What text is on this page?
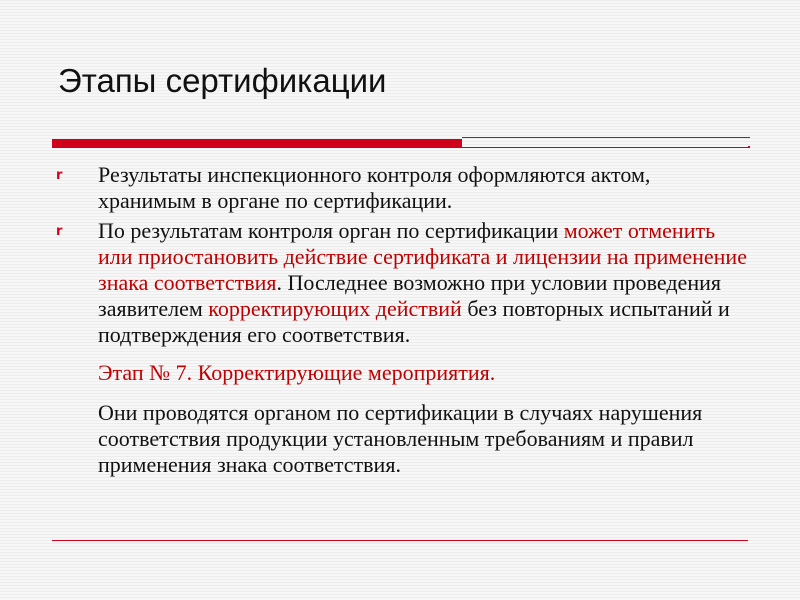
Этапы сертификации

r Результаты инспекционного контроля оформляются актом, хранимым в органе по сертификации.

r По результатам контроля орган по сертификации может отменить или приостановить действие сертификата и лицензии на применение знака соответствия. Последнее возможно при условии проведения заявителем корректирующих действий без повторных испытаний и подтверждения его соответствия.

Этап № 7. Корректирующие мероприятия.

Они проводятся органом по сертификации в случаях нарушения соответствия продукции установленным требованиям и правил применения знака соответствия.
